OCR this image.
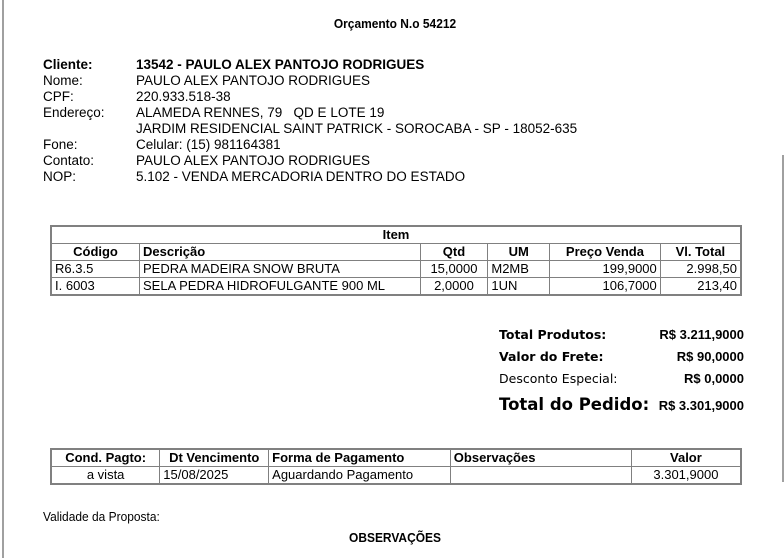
Orçamento N.o 54212
Cliente:	13542 - PAULO ALEX PANTOJO RODRIGUES
Nome:	PAULO ALEX PANTOJO RODRIGUES
CPF:	220.933.518-38
Endereço:	ALAMEDA RENNES, 79   QD E LOTE 19
JARDIM RESIDENCIAL SAINT PATRICK - SOROCABA - SP - 18052-635
Fone:	Celular: (15) 981164381
Contato:	PAULO ALEX PANTOJO RODRIGUES
NOP:	5.102 - VENDA MERCADORIA DENTRO DO ESTADO
Item					
Código	Descrição	Qtd	UM	Preço Venda	Vl. Total
R6.3.5	PEDRA MADEIRA SNOW BRUTA	15,0000	M2MB	199,9000	2.998,50
I. 6003	SELA PEDRA HIDROFULGANTE 900 ML	2,0000	1UN	106,7000	213,40
Total Produtos:	R$ 3.211,9000
Valor do Frete:	R$ 90,0000
Desconto Especial:	R$ 0,0000
Total do Pedido: R$ 3.301,9000
Cond. Pagto:	Dt Vencimento	Forma de Pagamento	Observações	Valor
a vista	15/08/2025	Aguardando Pagamento		3.301,9000
Validade da Proposta:
OBSERVAÇÕES
